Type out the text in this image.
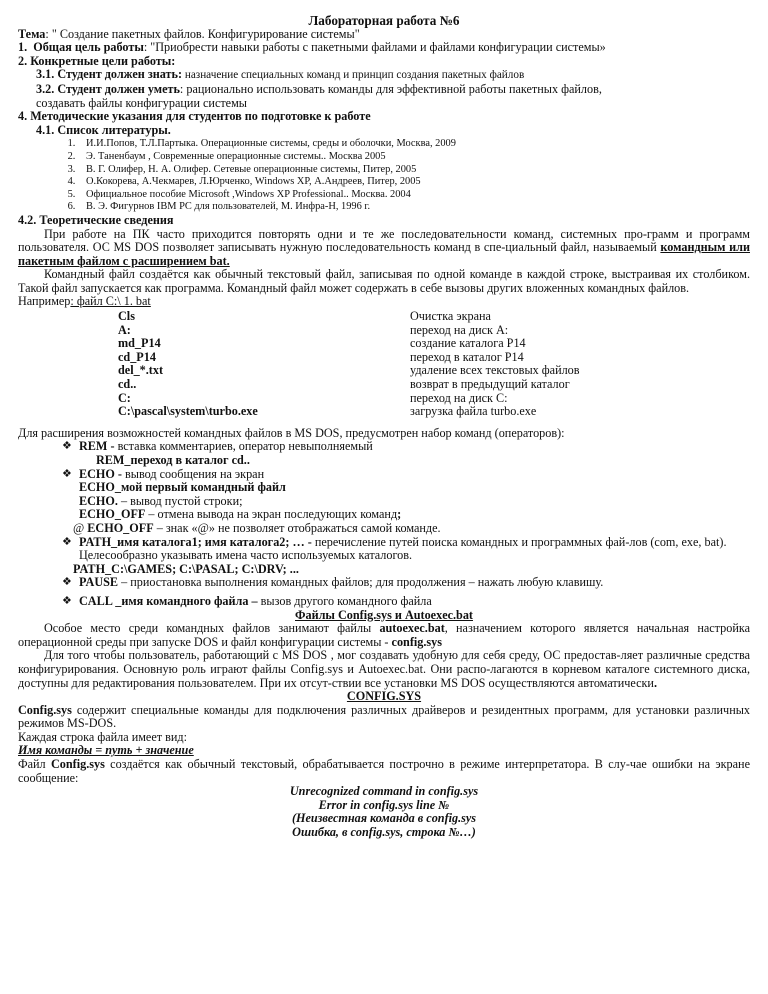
Лабораторная работа №6

Тема: " Создание пакетных файлов. Конфигурирование системы"

1. Общая цель работы: "Приобрести навыки работы с пакетными файлами и файлами конфигурации системы»

2. Конкретные цели работы:

3.1. Студент должен знать: назначение специальных команд и принцип создания пакетных файлов

3.2. Студент должен уметь: рационально использовать команды для эффективной работы пакетных файлов,

создавать файлы конфигурации системы

4. Методические указания для студентов по подготовке к работе

4.1. Список литературы.

1. И.И.Попов, Т.Л.Партыка. Операционные системы, среды и оболочки, Москва, 2009
2. Э. Таненбаум , Современные операционные системы.. Москва 2005
3. В. Г. Олифер, Н. А. Олифер. Сетевые операционные системы, Питер, 2005
4. О.Кокорева, А.Чекмарев, Л.Юрченко, Windows XP, А.Андреев, Питер, 2005
5. Официальное пособие Microsoft ,Windows XP Professional.. Москва. 2004
6. В. Э. Фигурнов IBM PC для пользователей, М. Инфра-Н, 1996 г.

4.2. Теоретические сведения

При работе на ПК часто приходится повторять одни и те же последовательности команд, системных про-грамм и программ пользователя. ОС MS DOS позволяет записывать нужную последовательность команд в спе-циальный файл, называемый командным или пакетным файлом с расширением bat.

Командный файл создаётся как обычный текстовый файл, записывая по одной команде в каждой строке, выстраивая их столбиком. Такой файл запускается как программа. Командный файл может содержать в себе вызовы других вложенных командных файлов.

Например: файл C:\ 1. bat

Cls	Очистка экрана
A:	переход на диск A:
md_P14	создание каталога P14
cd_P14	переход в каталог P14
del_*.txt	удаление всех текстовых файлов
cd..	возврат в предыдущий каталог
C:	переход на диск C:
C:\pascal\system\turbo.exe	загрузка файла turbo.exe

Для расширения возможностей командных файлов в MS DOS, предусмотрен набор команд (операторов):

❖ REM - вставка комментариев, оператор невыполняемый
REM_переход в каталог cd..
❖ ECHO - вывод сообщения на экран
ECHO_мой первый командный файл
ECHO. – вывод пустой строки;
ECHO_OFF – отмена вывода на экран последующих команд;
@ ECHO_OFF – знак «@» не позволяет отображаться самой команде.
❖ PATH_имя каталога1; имя каталога2; … - перечисление путей поиска командных и программных фай-лов (com, exe, bat). Целесообразно указывать имена часто используемых каталогов.
PATH_C:\GAMES; C:\PASAL; C:\DRV; ...
❖ PAUSE – приостановка выполнения командных файлов; для продолжения – нажать любую клавишу.
❖ CALL _имя командного файла – вызов другого командного файла

Файлы Config.sys и Autoexec.bat

Особое место среди командных файлов занимают файлы autoexec.bat, назначением которого является начальная настройка операционной среды при запуске DOS и файл конфигурации системы - config.sys

Для того чтобы пользователь, работающий с MS DOS , мог создавать удобную для себя среду, ОС предостав-ляет различные средства конфигурирования. Основную роль играют файлы Config.sys и Autoexec.bat. Они распо-лагаются в корневом каталоге системного диска, доступны для редактирования пользователем. При их отсут-ствии все установки MS DOS осуществляются автоматически.

CONFIG.SYS

Config.sys содержит специальные команды для подключения различных драйверов и резидентных программ, для установки различных режимов MS-DOS.

Каждая строка файла имеет вид:

Имя команды = путь + значение

Файл Config.sys создаётся как обычный текстовый, обрабатывается построчно в режиме интерпретатора. В слу-чае ошибки на экране сообщение:

Unrecognized command in config.sys
Error in config.sys line №
(Неизвестная команда в config.sys
Ошибка, в config.sys, строка №…)
